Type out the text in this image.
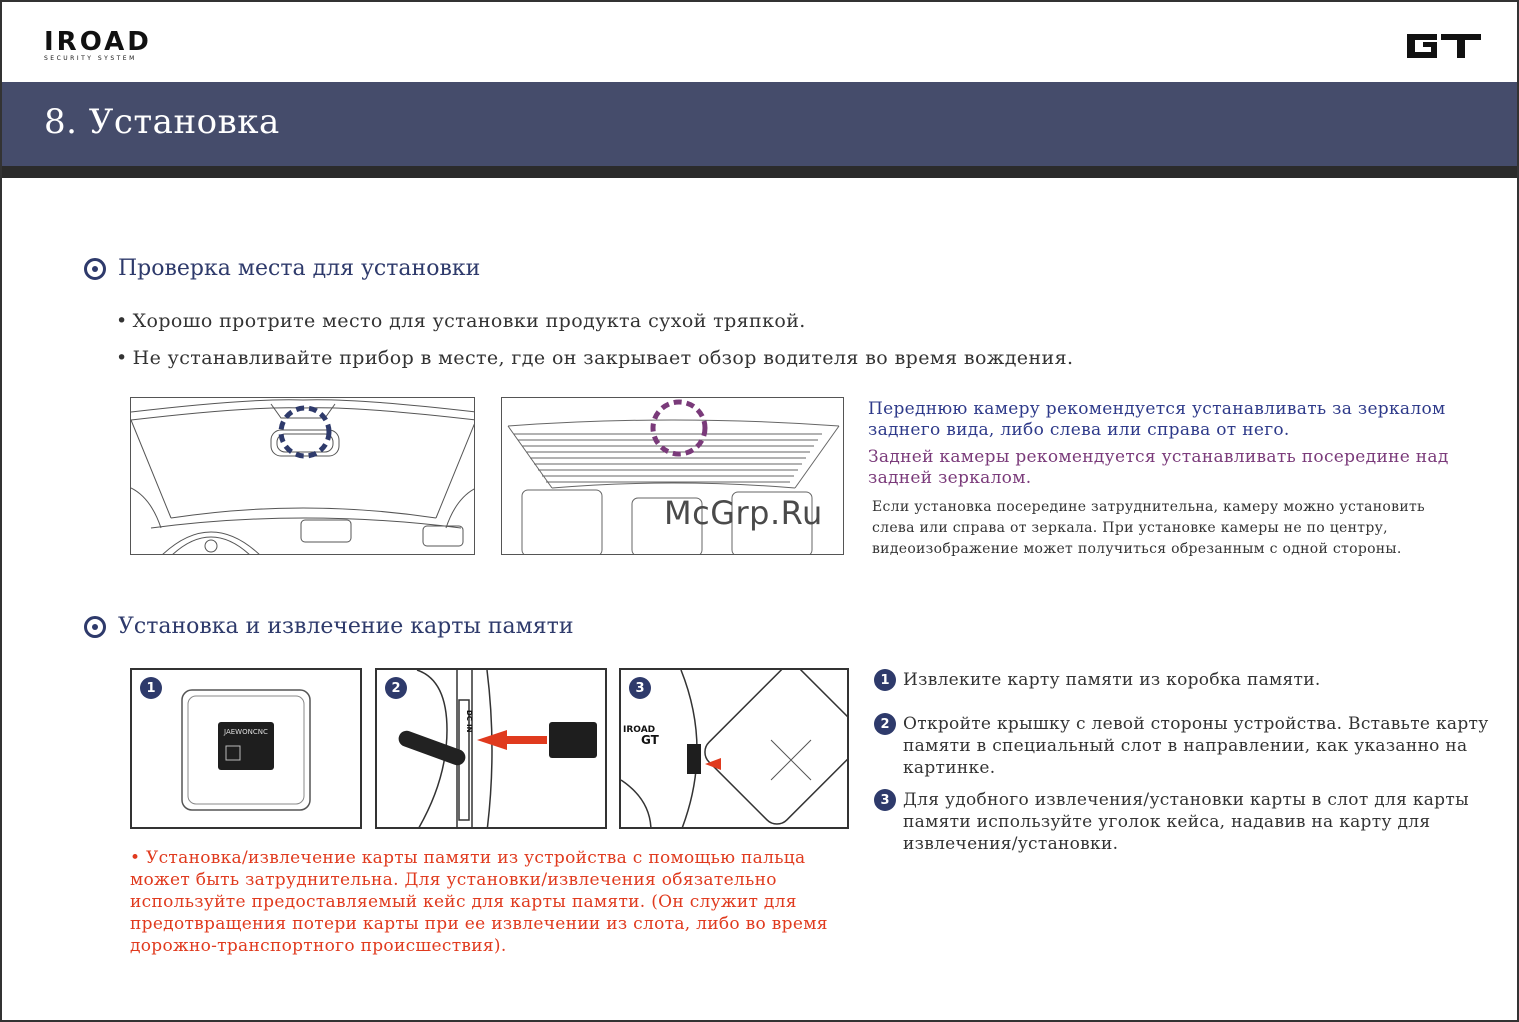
IROAD
SECURITY SYSTEM
8. Установка
Проверка места для установки
• Хорошо протрите место для установки продукта сухой тряпкой.
• Не устанавливайте прибор в месте, где он закрывает обзор водителя во время вождения.
Переднюю камеру рекомендуется устанавливать за зеркалом заднего вида, либо слева или справа от него.
Задней камеры рекомендуется устанавливать посередине над задней зеркалом.
Если установка посередине затруднительна, камеру можно установить слева или справа от зеркала. При установке камеры не по центру, видеоизображение может получиться обрезанным с одной стороны.
Установка и извлечение карты памяти
JAEWONCNC
1
DC-IN
2
IROAD
GT
3
1 Извлеките карту памяти из коробка памяти.
2 Откройте крышку с левой стороны устройства. Вставьте карту памяти в специальный слот в направлении, как указанно на картинке.
3 Для удобного извлечения/установки карты в слот для карты памяти используйте уголок кейса, надавив на карту для извлечения/установки.
• Установка/извлечение карты памяти из устройства с помощью пальца может быть затруднительна. Для установки/извлечения обязательно используйте предоставляемый кейс для карты памяти. (Он служит для предотвращения потери карты при ее извлечении из слота, либо во время дорожно-транспортного происшествия).
McGrp.Ru
